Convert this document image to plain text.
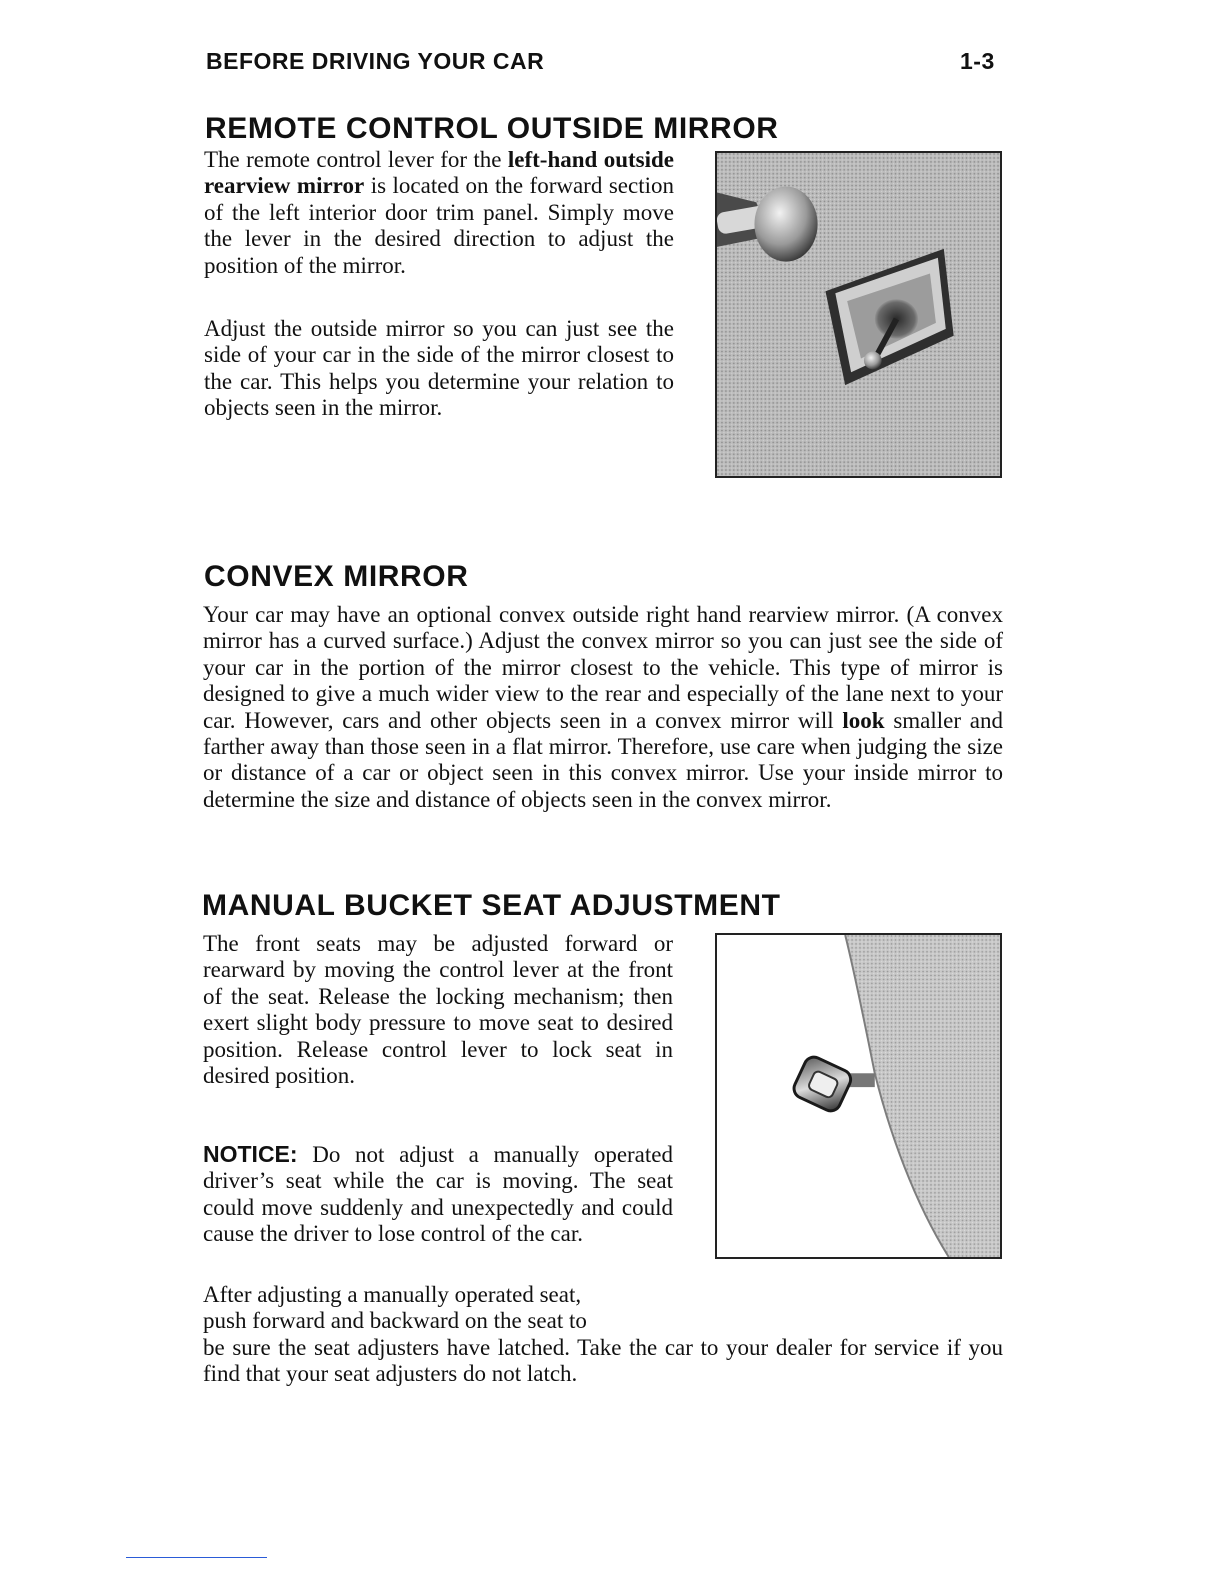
BEFORE DRIVING YOUR CAR	1-3
REMOTE CONTROL OUTSIDE MIRROR

The remote control lever for the left-hand outside rearview mirror is located on the forward section of the left interior door trim panel. Simply move the lever in the desired direction to adjust the position of the mirror.

Adjust the outside mirror so you can just see the side of your car in the side of the mirror closest to the car. This helps you determine your relation to objects seen in the mirror.

CONVEX MIRROR

Your car may have an optional convex outside right hand rearview mirror. (A convex mirror has a curved surface.) Adjust the convex mirror so you can just see the side of your car in the portion of the mirror closest to the vehicle. This type of mirror is designed to give a much wider view to the rear and especially of the lane next to your car. However, cars and other objects seen in a convex mirror will look smaller and farther away than those seen in a flat mirror. Therefore, use care when judging the size or distance of a car or object seen in this convex mirror. Use your inside mirror to determine the size and distance of objects seen in the convex mirror.

MANUAL BUCKET SEAT ADJUSTMENT

The front seats may be adjusted forward or rearward by moving the control lever at the front of the seat. Release the locking mechanism; then exert slight body pressure to move seat to desired position. Release control lever to lock seat in desired position.

NOTICE: Do not adjust a manually operated driver’s seat while the car is moving. The seat could move suddenly and unexpectedly and could cause the driver to lose control of the car.

After adjusting a manually operated seat,
push forward and backward on the seat to

be sure the seat adjusters have latched. Take the car to your dealer for service if you find that your seat adjusters do not latch.
